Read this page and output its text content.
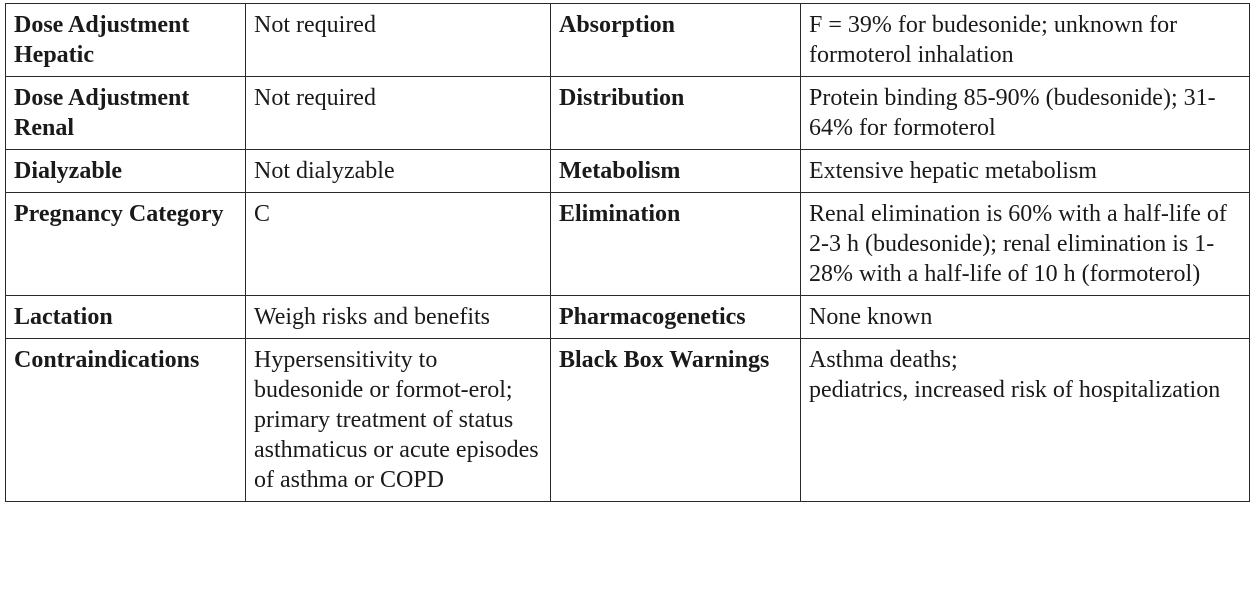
Dose Adjustment Hepatic	Not required	Absorption	F = 39% for budesonide; unknown for formoterol inhalation
Dose Adjustment Renal	Not required	Distribution	Protein binding 85-90% (budesonide); 31-64% for formoterol
Dialyzable	Not dialyzable	Metabolism	Extensive hepatic metabolism
Pregnancy Category	C	Elimination	Renal elimination is 60% with a half-life of 2-3 h (budesonide); renal elimination is 1-28% with a half-life of 10 h (formoterol)
Lactation	Weigh risks and benefits	Pharmacogenetics	None known
Contraindications	Hypersensitivity to budesonide or formot-erol; primary treatment of status asthmaticus or acute episodes of asthma or COPD	Black Box Warnings	Asthma deaths;
pediatrics, increased risk of hospitalization
